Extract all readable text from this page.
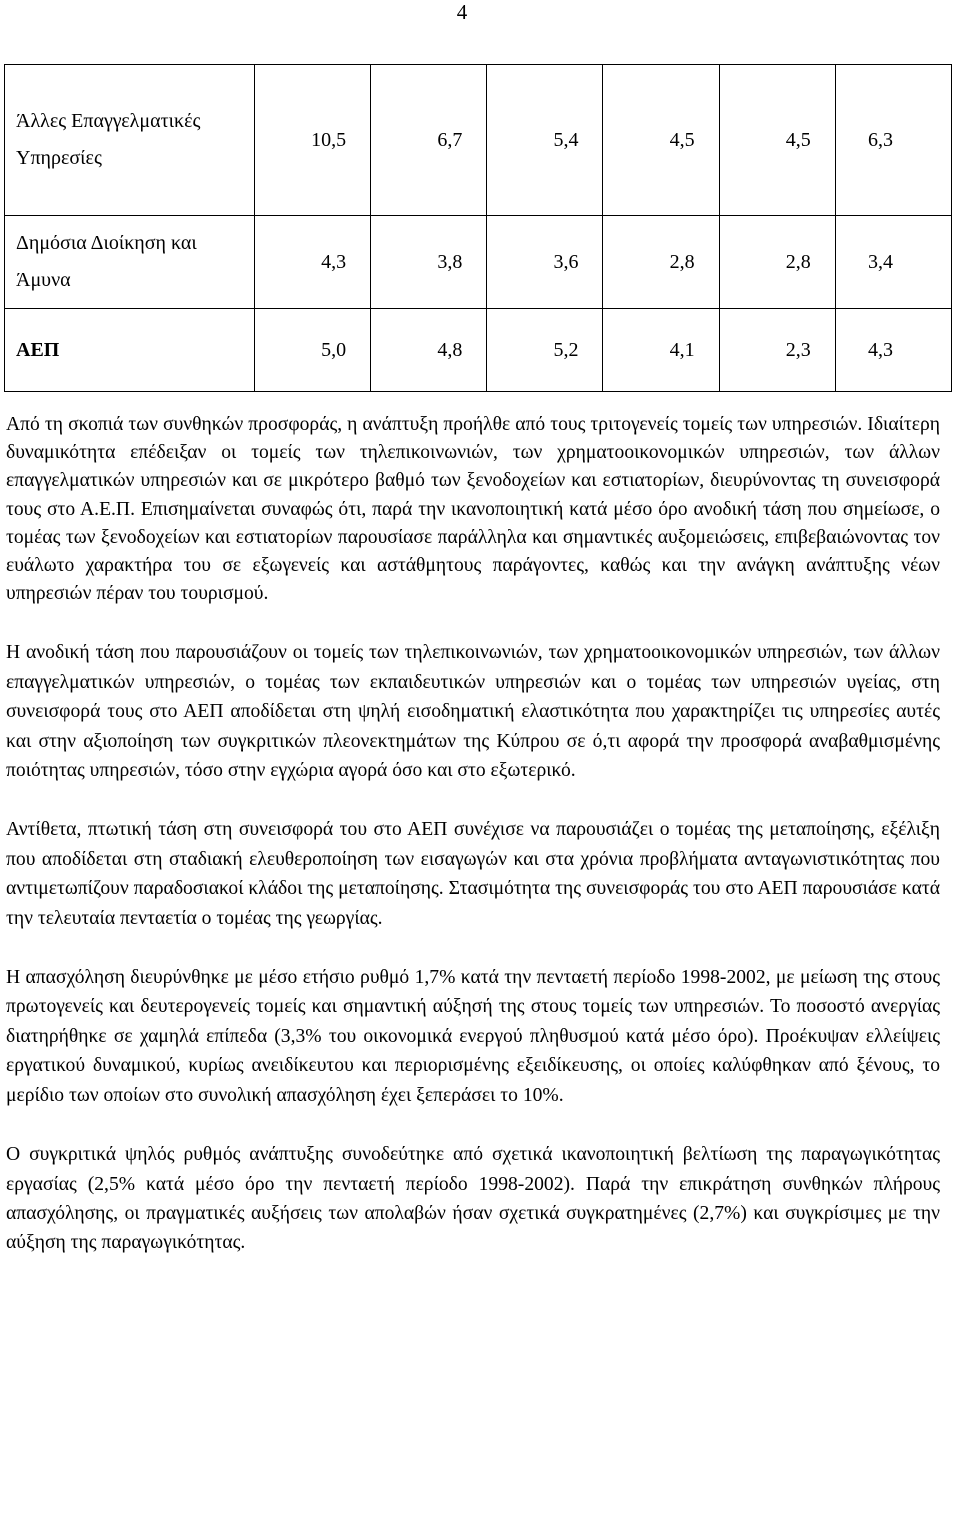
4
Άλλες Επαγγελματικές Υπηρεσίες	10,5	6,7	5,4	4,5	4,5	6,3
Δημόσια Διοίκηση και Άμυνα	4,3	3,8	3,6	2,8	2,8	3,4
ΑΕΠ	5,0	4,8	5,2	4,1	2,3	4,3

Από τη σκοπιά των συνθηκών προσφοράς, η ανάπτυξη προήλθε από τους τριτογενείς τομείς των υπηρεσιών. Ιδιαίτερη δυναμικότητα επέδειξαν οι τομείς των τηλεπικοινωνιών, των χρηματοοικονομικών υπηρεσιών, των άλλων επαγγελματικών υπηρεσιών και σε μικρότερο βαθμό των ξενοδοχείων και εστιατορίων, διευρύνοντας τη συνεισφορά τους στο Α.Ε.Π. Επισημαίνεται συναφώς ότι, παρά την ικανοποιητική κατά μέσο όρο ανοδική τάση που σημείωσε, ο τομέας των ξενοδοχείων και εστιατορίων παρουσίασε παράλληλα και σημαντικές αυξομειώσεις, επιβεβαιώνοντας τον ευάλωτο χαρακτήρα του σε εξωγενείς και αστάθμητους παράγοντες, καθώς και την ανάγκη ανάπτυξης νέων υπηρεσιών πέραν του τουρισμού.

Η ανοδική τάση που παρουσιάζουν οι τομείς των τηλεπικοινωνιών, των χρηματοοικονομικών υπηρεσιών, των άλλων επαγγελματικών υπηρεσιών, ο τομέας των εκπαιδευτικών υπηρεσιών και ο τομέας των υπηρεσιών υγείας, στη συνεισφορά τους στο ΑΕΠ αποδίδεται στη ψηλή εισοδηματική ελαστικότητα που χαρακτηρίζει τις υπηρεσίες αυτές και στην αξιοποίηση των συγκριτικών πλεονεκτημάτων της Κύπρου σε ό,τι αφορά την προσφορά αναβαθμισμένης ποιότητας υπηρεσιών, τόσο στην εγχώρια αγορά όσο και στο εξωτερικό.

Αντίθετα, πτωτική τάση στη συνεισφορά του στο ΑΕΠ συνέχισε να παρουσιάζει ο τομέας της μεταποίησης, εξέλιξη που αποδίδεται στη σταδιακή ελευθεροποίηση των εισαγωγών και στα χρόνια προβλήματα ανταγωνιστικότητας που αντιμετωπίζουν παραδοσιακοί κλάδοι της μεταποίησης. Στασιμότητα της συνεισφοράς του στο ΑΕΠ παρουσιάσε κατά την τελευταία πενταετία ο τομέας της γεωργίας.

Η απασχόληση διευρύνθηκε με μέσο ετήσιο ρυθμό 1,7% κατά την πενταετή περίοδο 1998-2002, με μείωση της στους πρωτογενείς και δευτερογενείς τομείς και σημαντική αύξησή της στους τομείς των υπηρεσιών. Το ποσοστό ανεργίας διατηρήθηκε σε χαμηλά επίπεδα (3,3% του οικονομικά ενεργού πληθυσμού κατά μέσο όρο). Προέκυψαν ελλείψεις εργατικού δυναμικού, κυρίως ανειδίκευτου και περιορισμένης εξειδίκευσης, οι οποίες καλύφθηκαν από ξένους, το μερίδιο των οποίων στο συνολική απασχόληση έχει ξεπεράσει το 10%.

Ο συγκριτικά ψηλός ρυθμός ανάπτυξης συνοδεύτηκε από σχετικά ικανοποιητική βελτίωση της παραγωγικότητας εργασίας (2,5% κατά μέσο όρο την πενταετή περίοδο 1998-2002). Παρά την επικράτηση συνθηκών πλήρους απασχόλησης, οι πραγματικές αυξήσεις των απολαβών ήσαν σχετικά συγκρατημένες (2,7%) και συγκρίσιμες με την αύξηση της παραγωγικότητας.
